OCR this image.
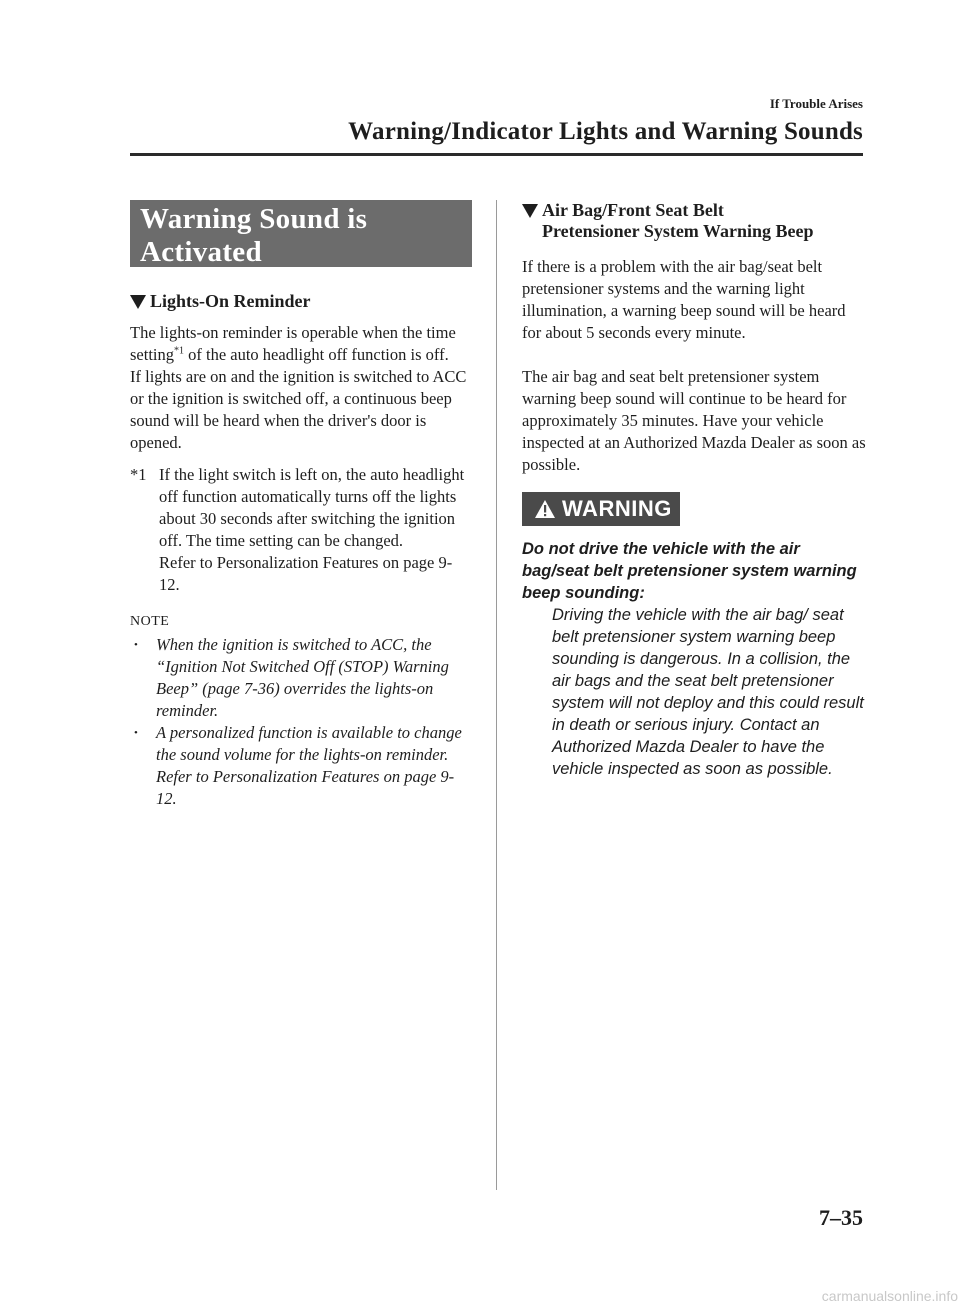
If Trouble Arises
Warning/Indicator Lights and Warning Sounds
Warning Sound is
Activated
Lights-On Reminder

The lights-on reminder is operable when the time setting$^{*1}$ of the auto headlight off function is off.

If lights are on and the ignition is switched to ACC or the ignition is switched off, a continuous beep sound will be heard when the driver's door is opened.

*1 If the light switch is left on, the auto headlight off function automatically turns off the lights about 30 seconds after switching the ignition off. The time setting can be changed.
Refer to Personalization Features on page 9-12.
NOTE
•	When the ignition is switched to ACC, the “Ignition Not Switched Off (STOP) Warning Beep” (page 7-36) overrides the lights-on reminder.
•	A personalized function is available to change the sound volume for the lights-on reminder.
Refer to Personalization Features on page 9-12.
Air Bag/Front Seat Belt Pretensioner System Warning Beep

If there is a problem with the air bag/seat belt pretensioner systems and the warning light illumination, a warning beep sound will be heard for about 5 seconds every minute.

The air bag and seat belt pretensioner system warning beep sound will continue to be heard for approximately 35 minutes. Have your vehicle inspected at an Authorized Mazda Dealer as soon as possible.

WARNING
Do not drive the vehicle with the air bag/seat belt pretensioner system warning beep sounding:
Driving the vehicle with the air bag/ seat belt pretensioner system warning beep sounding is dangerous. In a collision, the air bags and the seat belt pretensioner system will not deploy and this could result in death or serious injury. Contact an Authorized Mazda Dealer to have the vehicle inspected as soon as possible.
7–35
carmanualsonline.info
